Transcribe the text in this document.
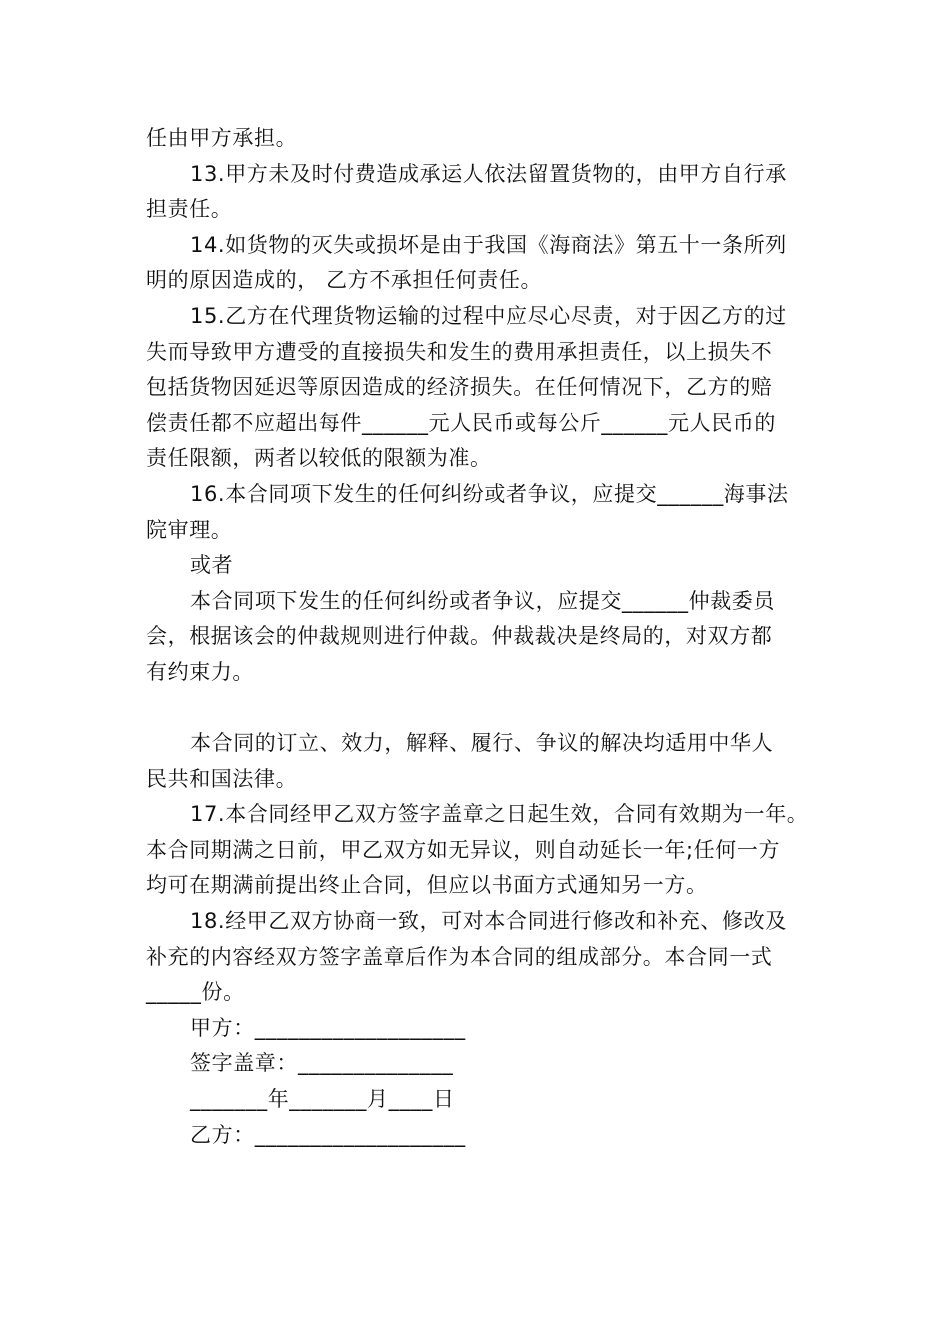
任由甲方承担。
13.甲方未及时付费造成承运人依法留置货物的，由甲方自行承
担责任。
14.如货物的灭失或损坏是由于我国《海商法》第五十一条所列
明的原因造成的， 乙方不承担任何责任。
15.乙方在代理货物运输的过程中应尽心尽责，对于因乙方的过
失而导致甲方遭受的直接损失和发生的费用承担责任，以上损失不
包括货物因延迟等原因造成的经济损失。在任何情况下，乙方的赔
偿责任都不应超出每件______元人民币或每公斤______元人民币的
责任限额，两者以较低的限额为准。
16.本合同项下发生的任何纠纷或者争议，应提交______海事法
院审理。
或者
本合同项下发生的任何纠纷或者争议，应提交______仲裁委员
会，根据该会的仲裁规则进行仲裁。仲裁裁决是终局的，对双方都
有约束力。
本合同的订立、效力，解释、履行、争议的解决均适用中华人
民共和国法律。
17.本合同经甲乙双方签字盖章之日起生效，合同有效期为一年。
本合同期满之日前，甲乙双方如无异议，则自动延长一年;任何一方
均可在期满前提出终止合同，但应以书面方式通知另一方。
18.经甲乙双方协商一致，可对本合同进行修改和补充、修改及
补充的内容经双方签字盖章后作为本合同的组成部分。本合同一式
_____份。
甲方：___________________
签字盖章：______________
_______年_______月____日
乙方：___________________
